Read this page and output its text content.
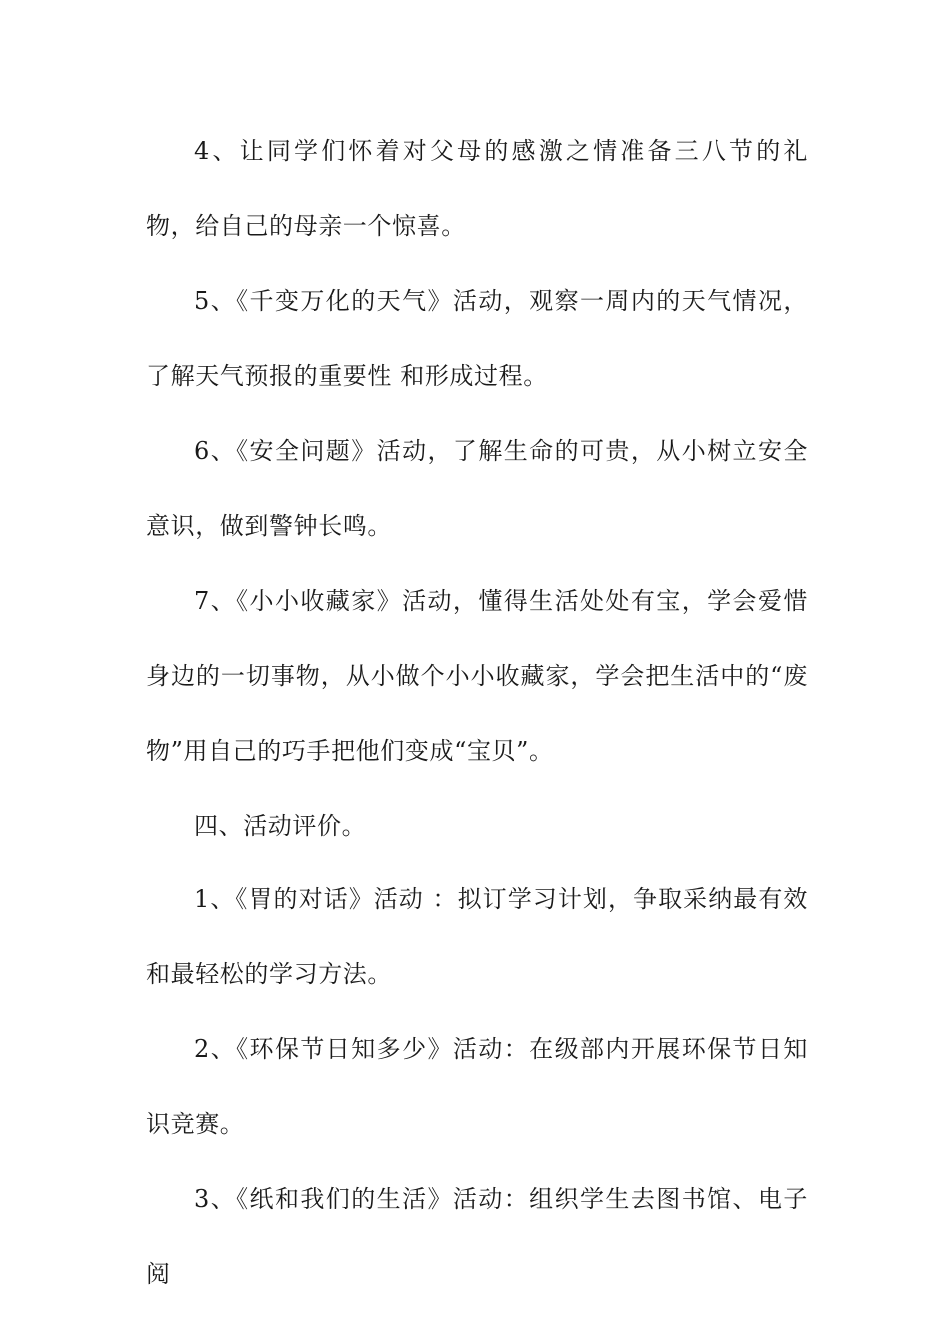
4、让同学们怀着对父母的感激之情准备三八节的礼 物，给自己的母亲一个惊喜。

5、《千变万化的天气》活动，观察一周内的天气情况，了解天气预报的重要性 和形成过程。

6、《安全问题》活动，了解生命的可贵，从小树立安全意识，做到警钟长鸣。

7、《小小收藏家》活动，懂得生活处处有宝，学会爱惜身边的一切事物，从小做个小小收藏家，学会把生活中的“废物”用自己的巧手把他们变成“宝贝”。

四、活动评价。

1、《胃的对话》活动 ：拟订学习计划，争取采纳最有效和最轻松的学习方法。

2、《环保节日知多少》活动：在级部内开展环保节日知识竞赛。

3、《纸和我们的生活》活动：组织学生去图书馆、电子阅
